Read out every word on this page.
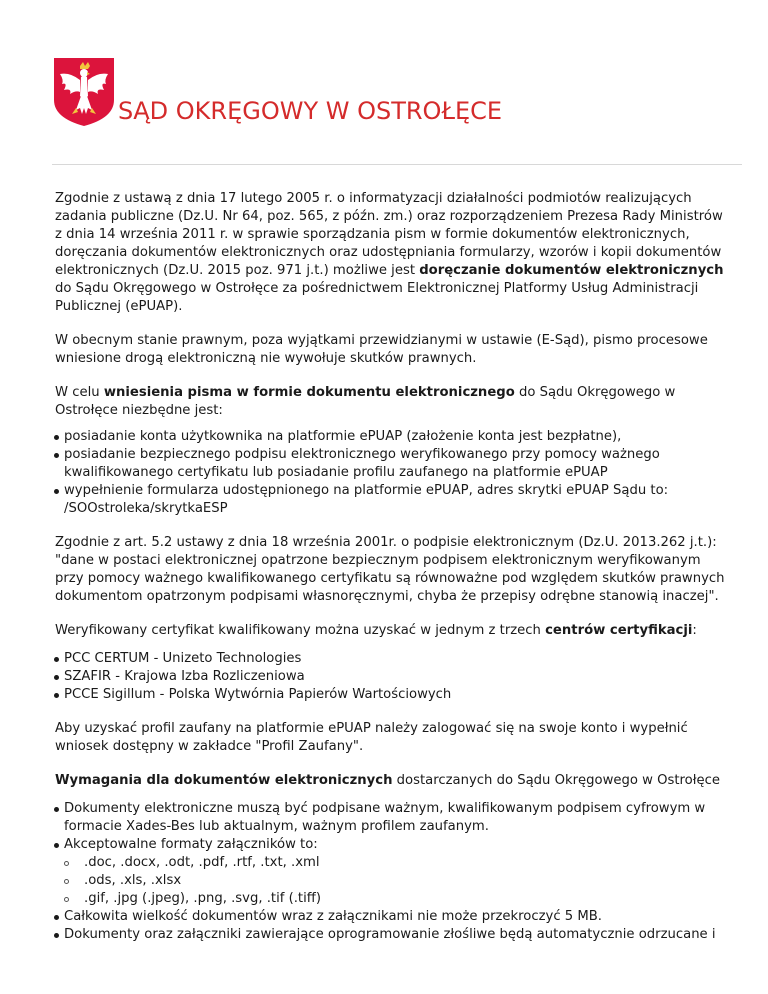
SĄD OKRĘGOWY W OSTROŁĘCE

Zgodnie z ustawą z dnia 17 lutego 2005 r. o informatyzacji działalności podmiotów realizujących zadania publiczne (Dz.U. Nr 64, poz. 565, z późn. zm.) oraz rozporządzeniem Prezesa Rady Ministrów z dnia 14 września 2011 r. w sprawie sporządzania pism w formie dokumentów elektronicznych, doręczania dokumentów elektronicznych oraz udostępniania formularzy, wzorów i kopii dokumentów elektronicznych (Dz.U. 2015 poz. 971 j.t.) możliwe jest doręczanie dokumentów elektronicznych do Sądu Okręgowego w Ostrołęce za pośrednictwem Elektronicznej Platformy Usług Administracji Publicznej (ePUAP).

W obecnym stanie prawnym, poza wyjątkami przewidzianymi w ustawie (E-Sąd), pismo procesowe wniesione drogą elektroniczną nie wywołuje skutków prawnych.

W celu wniesienia pisma w formie dokumentu elektronicznego do Sądu Okręgowego w Ostrołęce niezbędne jest:

posiadanie konta użytkownika na platformie ePUAP (założenie konta jest bezpłatne),
posiadanie bezpiecznego podpisu elektronicznego weryfikowanego przy pomocy ważnego kwalifikowanego certyfikatu lub posiadanie profilu zaufanego na platformie ePUAP
wypełnienie formularza udostępnionego na platformie ePUAP, adres skrytki ePUAP Sądu to: /SOOstroleka/skrytkaESP

Zgodnie z art. 5.2 ustawy z dnia 18 września 2001r. o podpisie elektronicznym (Dz.U. 2013.262 j.t.): "dane w postaci elektronicznej opatrzone bezpiecznym podpisem elektronicznym weryfikowanym przy pomocy ważnego kwalifikowanego certyfikatu są równoważne pod względem skutków prawnych dokumentom opatrzonym podpisami własnoręcznymi, chyba że przepisy odrębne stanowią inaczej".

Weryfikowany certyfikat kwalifikowany można uzyskać w jednym z trzech centrów certyfikacji:

PCC CERTUM - Unizeto Technologies
SZAFIR - Krajowa Izba Rozliczeniowa
PCCE Sigillum - Polska Wytwórnia Papierów Wartościowych

Aby uzyskać profil zaufany na platformie ePUAP należy zalogować się na swoje konto i wypełnić wniosek dostępny w zakładce "Profil Zaufany".

Wymagania dla dokumentów elektronicznych dostarczanych do Sądu Okręgowego w Ostrołęce

Dokumenty elektroniczne muszą być podpisane ważnym, kwalifikowanym podpisem cyfrowym w formacie Xades-Bes lub aktualnym, ważnym profilem zaufanym.
Akceptowalne formaty załączników to:
.doc, .docx, .odt, .pdf, .rtf, .txt, .xml
.ods, .xls, .xlsx
.gif, .jpg (.jpeg), .png, .svg, .tif (.tiff)
Całkowita wielkość dokumentów wraz z załącznikami nie może przekroczyć 5 MB.
Dokumenty oraz załączniki zawierające oprogramowanie złośliwe będą automatycznie odrzucane i
